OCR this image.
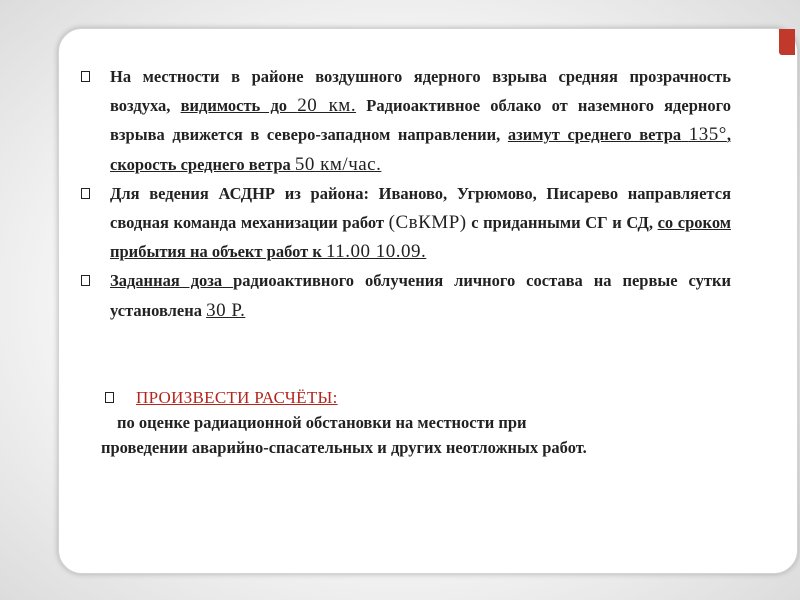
На местности в районе воздушного ядерного взрыва средняя прозрачность воздуха, видимость до 20 км. Радиоактивное облако от наземного ядерного взрыва движется в северо-западном направлении, азимут среднего ветра 135°, скорость среднего ветра 50 км/час.

Для ведения АСДНР из района: Иваново, Угрюмово, Писарево направляется сводная команда механизации работ (СвКМР) с приданными СГ и СД, со сроком прибытия на объект работ к 11.00 10.09.

Заданная доза радиоактивного облучения личного состава на первые сутки установлена 30 Р.

ПРОИЗВЕСТИ РАСЧЁТЫ:
по оценке радиационной обстановки на местности при
проведении аварийно-спасательных и других неотложных работ.
